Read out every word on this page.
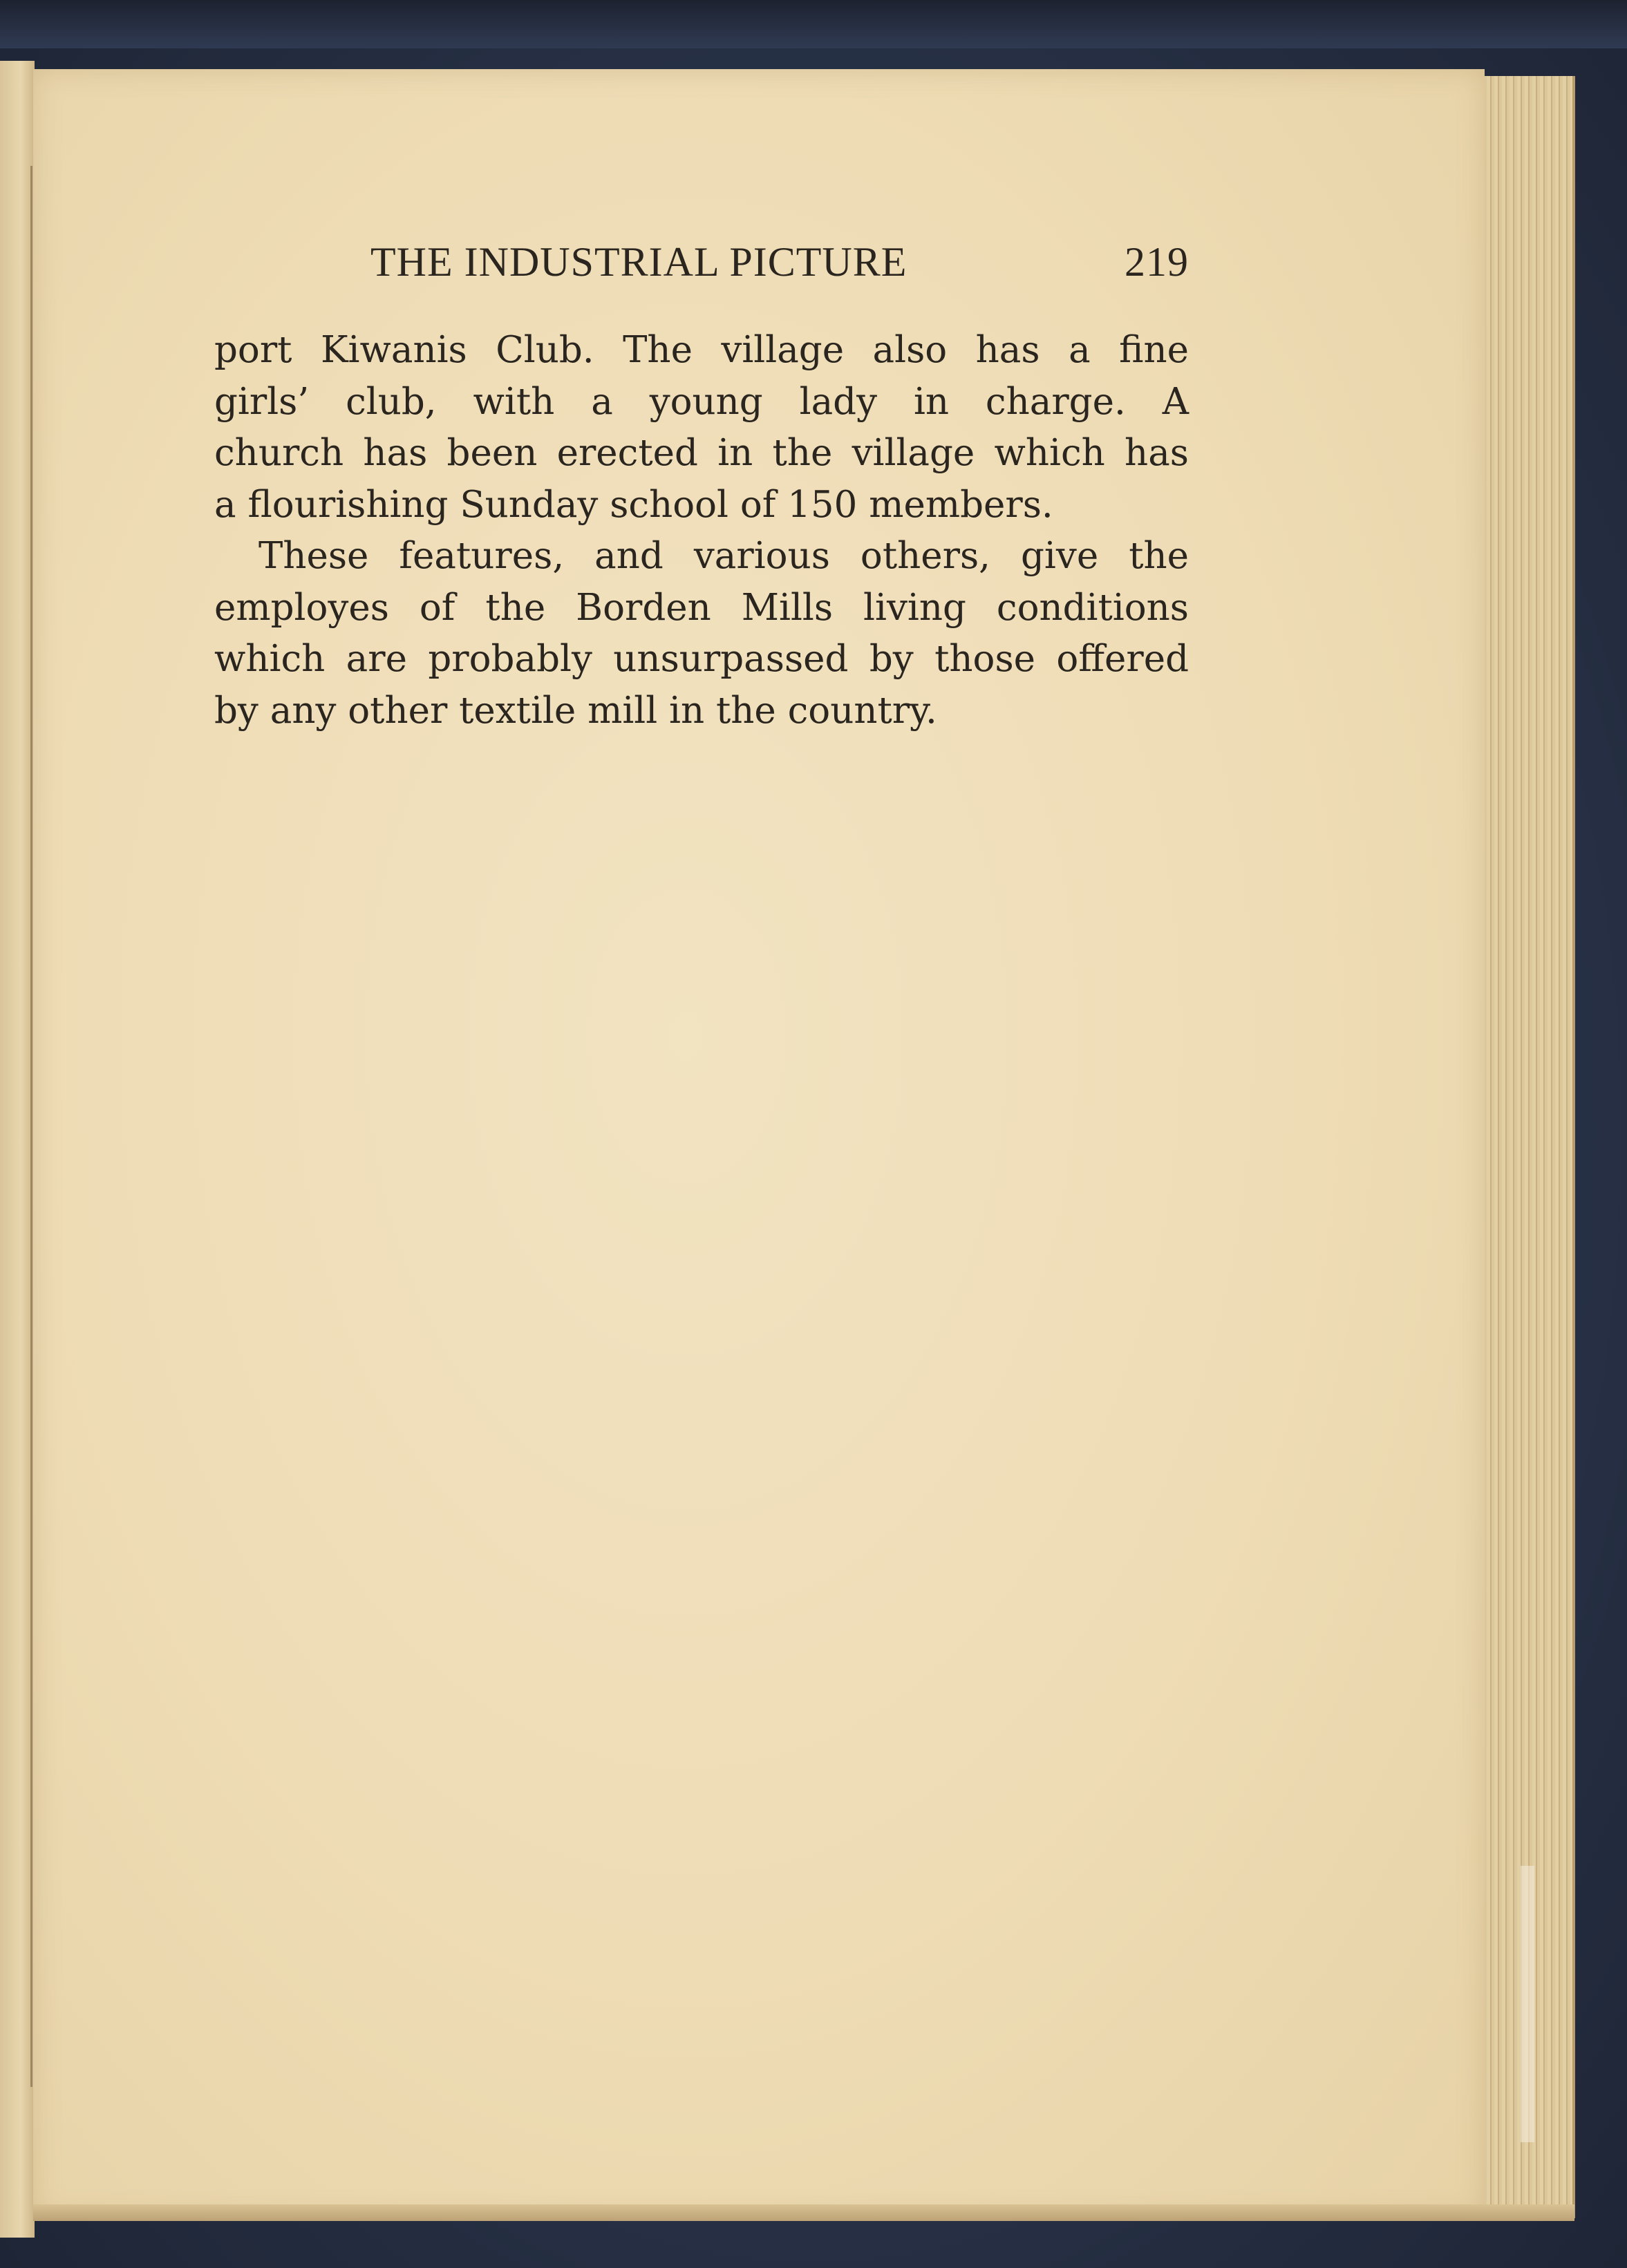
THE INDUSTRIAL PICTURE	219

port Kiwanis Club. The village also has a fine
girls’ club, with a young lady in charge. A
church has been erected in the village which has
a flourishing Sunday school of 150 members.

These features, and various others, give the
employes of the Borden Mills living conditions
which are probably unsurpassed by those offered
by any other textile mill in the country.
